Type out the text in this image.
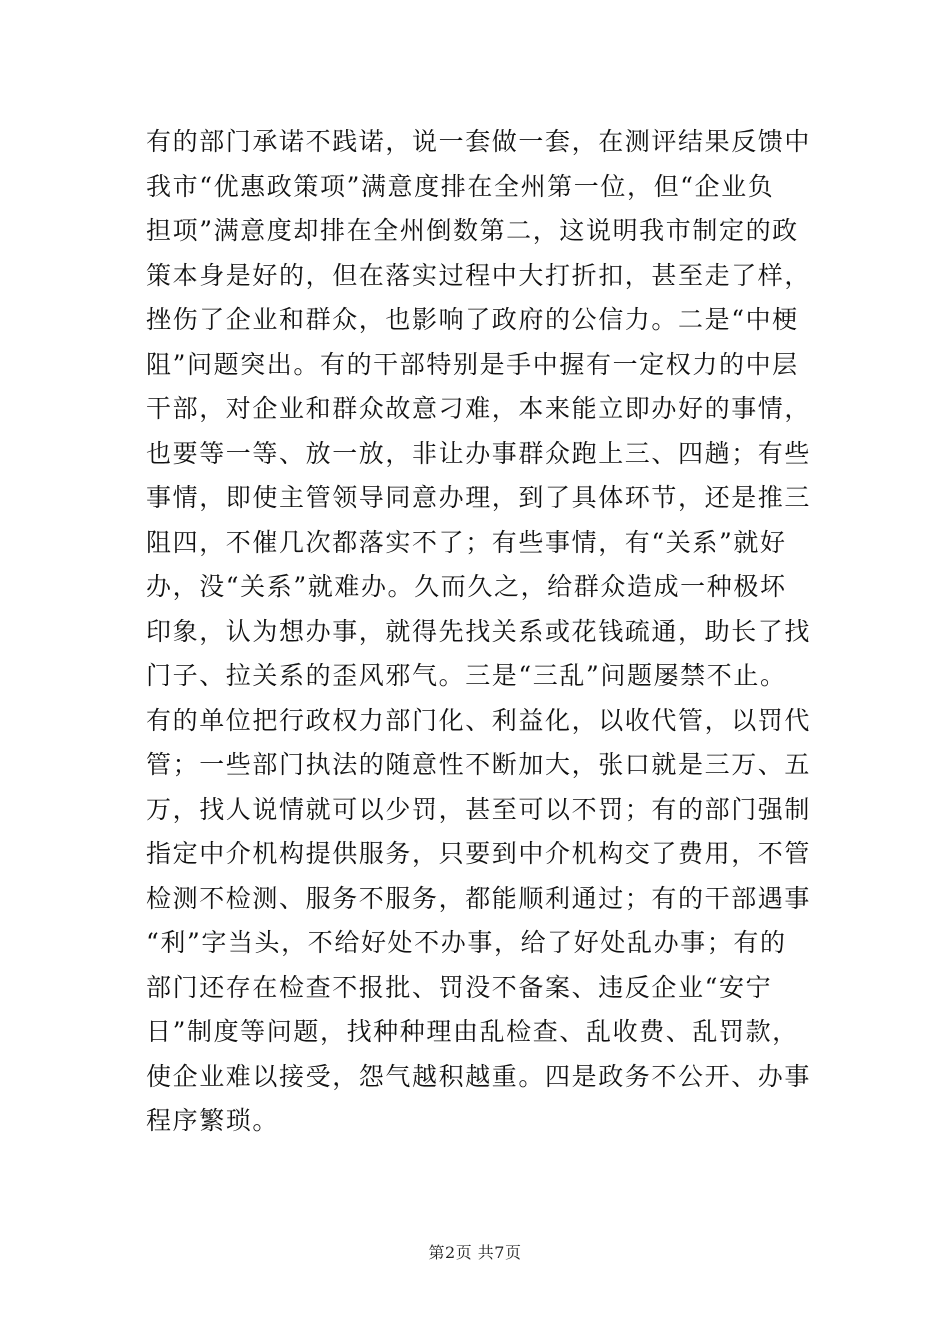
有的部门承诺不践诺，说一套做一套，在测评结果反馈中
我市“优惠政策项”满意度排在全州第一位，但“企业负
担项”满意度却排在全州倒数第二，这说明我市制定的政
策本身是好的，但在落实过程中大打折扣，甚至走了样，
挫伤了企业和群众，也影响了政府的公信力。二是“中梗
阻”问题突出。有的干部特别是手中握有一定权力的中层
干部，对企业和群众故意刁难，本来能立即办好的事情，
也要等一等、放一放，非让办事群众跑上三、四趟；有些
事情，即使主管领导同意办理，到了具体环节，还是推三
阻四，不催几次都落实不了；有些事情，有“关系”就好
办，没“关系”就难办。久而久之，给群众造成一种极坏
印象，认为想办事，就得先找关系或花钱疏通，助长了找
门子、拉关系的歪风邪气。三是“三乱”问题屡禁不止。
有的单位把行政权力部门化、利益化，以收代管，以罚代
管；一些部门执法的随意性不断加大，张口就是三万、五
万，找人说情就可以少罚，甚至可以不罚；有的部门强制
指定中介机构提供服务，只要到中介机构交了费用，不管
检测不检测、服务不服务，都能顺利通过；有的干部遇事
“利”字当头，不给好处不办事，给了好处乱办事；有的
部门还存在检查不报批、罚没不备案、违反企业“安宁
日”制度等问题，找种种理由乱检查、乱收费、乱罚款，
使企业难以接受，怨气越积越重。四是政务不公开、办事
程序繁琐。
第2页 共7页
